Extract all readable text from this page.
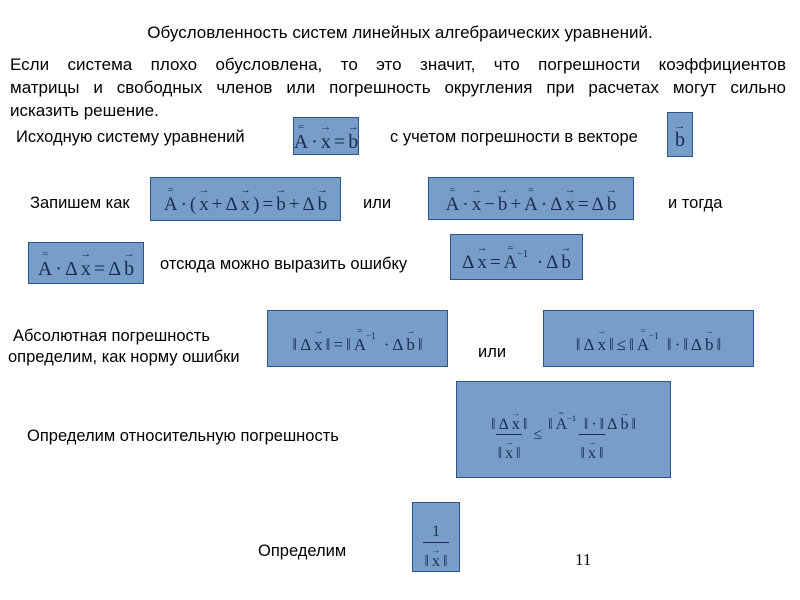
Обусловленность систем линейных алгебраических уравнений.
Если система плохо обусловлена, то это значит, что погрешности коэффициентов
матрицы и свободных членов или погрешность округления при расчетах могут сильно
исказить решение.
Исходную систему уравнений A
=
· x
→
= b
→
с учетом погрешности в векторе b
→
Запишем как A
=
· ( x
→
+ Δ x
→
) = b
→
+ Δ b
→
или	A
=
· x
→
− b
→
+ A
=
· Δ x
→
= Δ b
→
и тогда
A
=
· Δ x
→
= Δ b
→
отсюда можно выразить ошибку	Δ x
→
= A
=
−1 · Δ b
→
Абсолютная погрешность
определим, как норму ошибки
‖ Δ x
→
‖ = ‖ A
=
−1 · Δ b
→
‖	или	‖ Δ x
→
‖ ≤ ‖ A
=
−1 ‖ · ‖ Δ b
→
‖
Определим относительную погрешность	‖ Δ x
→
‖
‖ x
→
‖ ≤ ‖ A
= −1 ‖ · ‖ Δ b
→
‖
‖ x
→
‖
Определим	1
‖ x
→
‖	11
